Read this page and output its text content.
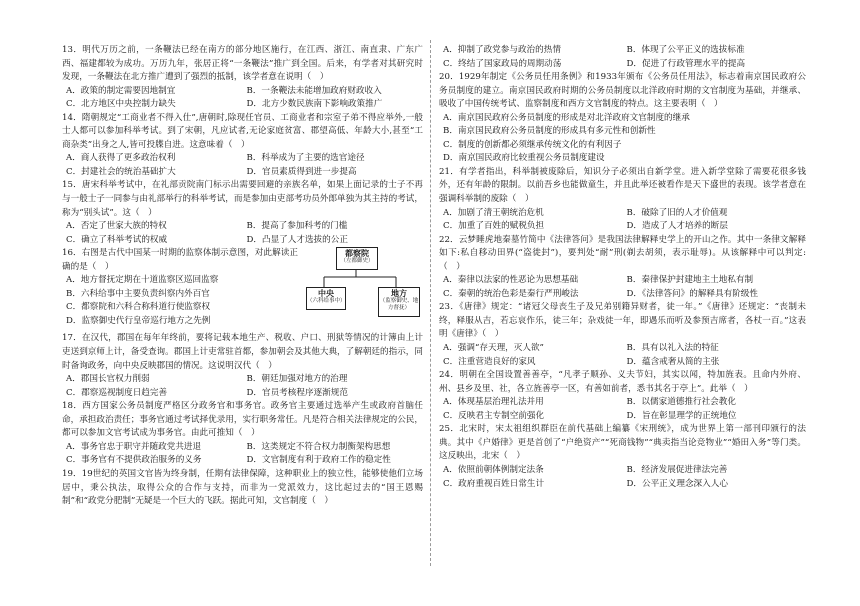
13．明代万历之前，一条鞭法已经在南方的部分地区施行，在江西、浙江、南直隶、广东广西、福建都较为成功。万历九年，张居正将“一条鞭法”推广到全国。后来，有学者对其研究时发现，一条鞭法在北方推广遭到了强烈的抵制，该学者意在说明（　）

A．政策的制定需要因地制宜	B．一条鞭法未能增加政府财政收入
C．北方地区中央控制力缺失	D．北方少数民族南下影响政策推广

14．隋朝规定“工商业者不得入仕”,唐朝时,除现任官员、工商业者和宗室子弟不得应举外,一般士人都可以参加科举考试。到了宋朝，凡应试者,无论家庭贫富、郡望高低、年龄大小,甚至“工商杂类”出身之人,皆可投牒自进。这意味着（　）

A．商人获得了更多政治权利	B．科举成为了主要的选官途径
C．封建社会的统治基础扩大	D．官员素质得到进一步提高

15．唐宋科举考试中，在礼部贡院南门标示出需要回避的亲族名单，如果上面记录的士子不再与一般士子一同参与由礼部举行的科举考试，而是参加由吏部考功员外郎单独为其主持的考试，称为“别头试”。这（　）

A．否定了世家大族的特权	B．提高了参加科考的门槛
C．确立了科举考试的权威	D．凸显了人才选拔的公正

16．右图是古代中国某一时期的监察体制示意图，对此解读正确的是（　）

A．地方督抚定期在十道监察区巡回监察
B．六科给事中主要负责纠察内外百官
C．都察院和六科合称科道行使监察权
D．监察御史代行皇帝巡行地方之先例
都察院
（左都御史）
中央
（六科给事中）
地方
（监察御史、地方督抚）

17．在汉代，郡国在每年年终前，要将记载本地生产、税收、户口、刑狱等情况的计簿由上计吏送到京师上计，备受查询。郡国上计吏常驻首都，参加朝会及其他大典，了解朝廷的指示，同时备询政务，向中央反映郡国的情况。这说明汉代（　）

A．郡国长官权力削弱	B．朝廷加强对地方的治理
C．郡察巡视制度日趋完善	D．官员考核程序逐渐规范

18．西方国家公务员制度严格区分政务官和事务官。政务官主要通过选举产生或政府首脑任命，承担政治责任；事务官通过考试择优录用，实行职务常任。凡是符合相关法律规定的公民，都可以参加文官考试成为事务官。由此可推知（　）

A．事务官忠于职守并随政党共进退	B．这类规定不符合权力制衡架构思想
C．事务官有不提供政治服务的义务	D．文官制度有利于政府工作的稳定性

19．19世纪的英国文官皆为终身制，任期有法律保障，这种职业上的独立性，能够使他们立场居中，秉公执法，取得公众的合作与支持，而非为一党派效力，这比起过去的“国王恩赐制”和“政党分肥制”无疑是一个巨大的飞跃。据此可知，文官制度（　）

A．抑制了政党参与政治的热情	B．体现了公平正义的选拔标准
C．终结了国家政局的周期动荡	D．促进了行政管理水平的提高

20．1929年制定《公务员任用条例》和1933年颁布《公务员任用法》，标志着南京国民政府公务员制度的建立。南京国民政府时期的公务员制度以北洋政府时期的文官制度为基础，并继承、吸收了中国传统考试、监察制度和西方文官制度的特点。这主要表明（　）

A．南京国民政府公务员制度的形成是对北洋政府文官制度的继承
B．南京国民政府公务员制度的形成具有多元性和创新性
C．制度的创新都必须继承传统文化的有利因子
D．南京国民政府比较重视公务员制度建设

21．有学者指出，科举制被废除后，知识分子必须出自新学堂。进入新学堂除了需要花很多钱外，还有年龄的限制。以前吾乡也能做童生，并且此举还被看作是天下盛世的表现。该学者意在强调科举制的废除（　）

A．加剧了清王朝统治危机	B．破除了旧的人才价值观
C．加重了百姓的赋税负担	D．造成了人才培养的断层

22．云梦睡虎地秦墓竹简中《法律答问》是我国法律解释史学上的开山之作。其中一条律文解释如下:私自移动田界(“盗徙封”)，要判处“耐”刑(剃去胡须，表示耻辱)。从该解释中可以判定:（　）

A．秦律以法家的性恶论为思想基础	B．秦律保护封建地主土地私有制
C．秦朝的统治色彩是秦行严刑峻法	D．《法律答问》的解释具有阶级性

23．《唐律》规定：“诸冠父母丧生子及兄弟别籍异财者，徒一年。”《唐律》还规定：“丧制未终，释服从吉，若忘哀作乐，徒三年；杂戏徒一年，即遇乐而听及参预吉席者，各杖一百。”这表明《唐律》（　）

A．强调“存天理，灭人欲”	B．具有以礼入法的特征
C．注重营造良好的家风	D．蕴含戒奢从简的主张

24．明朝在全国设置善善亭，“凡孝子顺孙、义夫节妇，其实以闻，特加旌表。且命内外府、州、县乡及里、社，各立旌善亭一区，有善如前者，悉书其名于亭上”。此举（　）

A．体现基层治理礼法并用	B．以儒家道德推行社会教化
C．反映君主专制空前强化	D．旨在彰显理学的正统地位

25．北宋时，宋太祖组织群臣在前代基础上编纂《宋刑统》，成为世界上第一部刊印颁行的法典。其中《户婚律》更是首创了“户绝资产”“死商钱物”“典卖指当论竞物业”“婚田入务”等门类。这反映出，北宋（　）

A．依照前朝体例制定法条	B．经济发展促进律法完善
C．政府重视百姓日常生计	D．公平正义理念深入人心
